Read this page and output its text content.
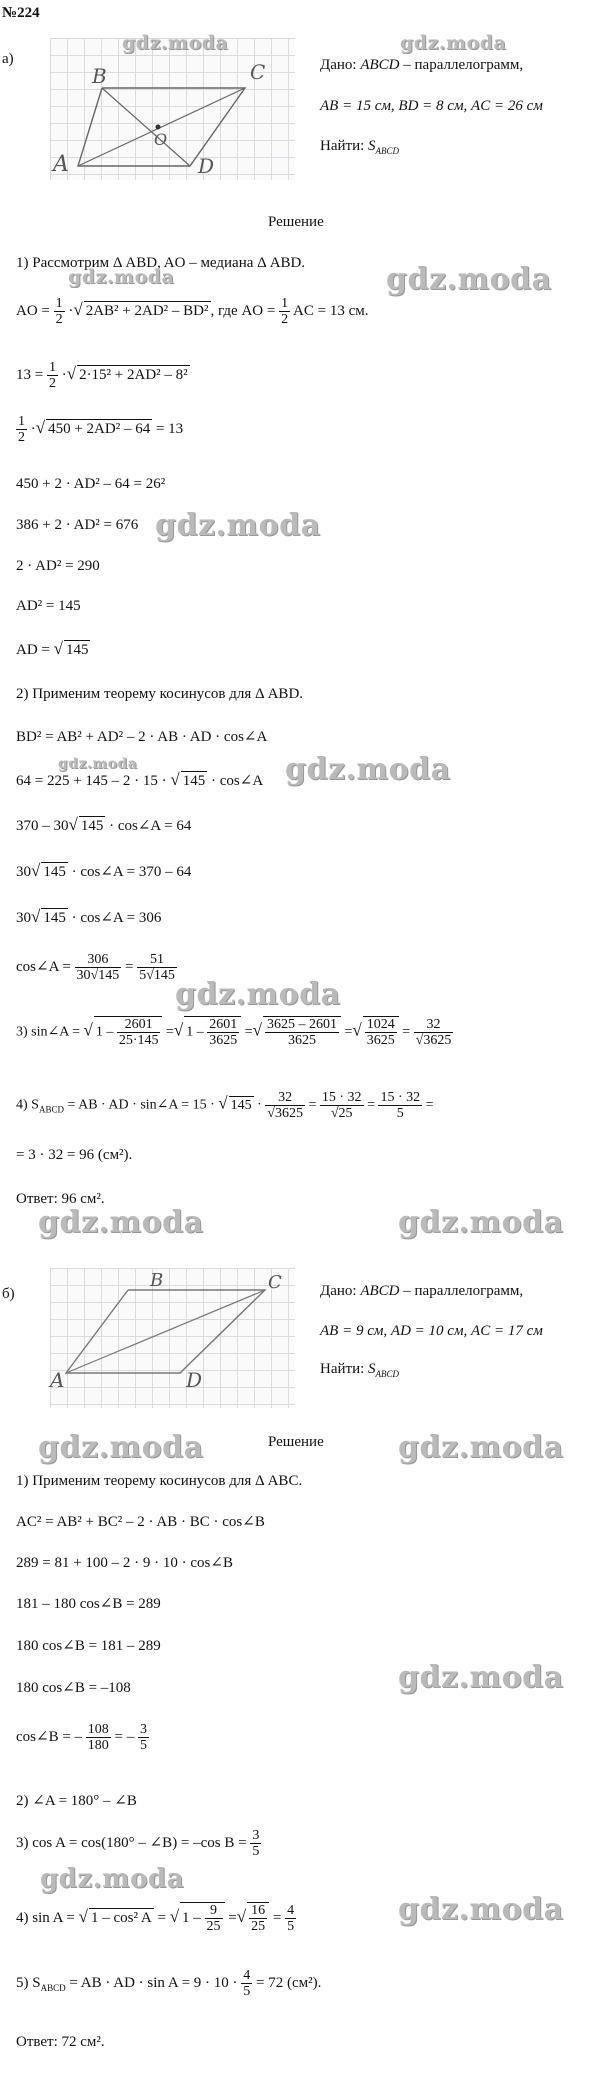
№224
а)
B	C
O
A	D
Дано: ABCD – параллелограмм,
AB = 15 см, BD = 8 см, AC = 26 см
Найти: $S_{ABCD}$
Решение
1) Рассмотрим Δ ABD, AO – медиана Δ ABD.
AO = $\frac{1}{2}$ ·√ 2AB² + 2AD² – BD² , где AO = $\frac{1}{2}$ AC = 13 см.
$13 = \frac{1}{2}$ ·√ 2·15² + 2AD² – 8²
$\frac{1}{2}$ ·√ 450 + 2AD² – 64 = 13
450 + 2 · AD² – 64 = 26²
386 + 2 · AD² = 676
2 · AD² = 290
AD² = 145
AD = √ 145
2) Применим теорему косинусов для Δ ABD.
BD² = AB² + AD² – 2 · AB · AD · cos∠A
64 = 225 + 145 – 2 · 15 · √ 145 · cos∠A
370 – 30√ 145 · cos∠A = 64
30√ 145 · cos∠A = 370 – 64
30√ 145 · cos∠A = 306
cos∠A = $\frac{306}{30√145} = \frac{51}{5√145}$
3) sin∠A = √ $1 - \frac{2601}{25\cdot 145}$ =√ $1 - \frac{2601}{3625}$ =√ $\frac{3625 - 2601}{3625}$ =√ $\frac{1024}{3625} = \frac{32}{√3625}$
4) $S_{ABCD}$ = AB · AD · sin∠A = 15 · √ $145 \cdot \frac{32}{√3625} = \frac{15 \cdot 32}{√25} = \frac{15 \cdot 32}{5}$ =
= 3 · 32 = 96 (см²).
Ответ: 96 см².
б)
B	C
A	D
Дано: ABCD – параллелограмм,
AB = 9 см, AD = 10 см, AC = 17 см
Найти: $S_{ABCD}$
Решение
1) Применим теорему косинусов для Δ ABC.
AC² = AB² + BC² – 2 · AB · BC · cos∠B
289 = 81 + 100 – 2 · 9 · 10 · cos∠B
181 – 180 cos∠B = 289
180 cos∠B = 181 – 289
180 cos∠B = –108
cos∠B = – $\frac{108}{180}$ = – $\frac{3}{5}$
2) ∠A = 180° – ∠B
3) cos A = cos(180° – ∠B) = –cos $B = \frac{3}{5}$
4) sin A = √ 1 – cos² A = √ $1 - \frac{9}{25}$ =√ $\frac{16}{25} = \frac{4}{5}$
5) $S_{ABCD}$ = AB · AD · $\sin A = 9 \cdot 10 \cdot \frac{4}{5} = 72$ (см²).
Ответ: 72 см².
gdz.moda	gdz.moda
gdz.moda	gdz.moda
gdz.moda
gdz.moda	gdz.moda
gdz.moda
gdz.moda	gdz.moda
gdz.moda	gdz.moda
gdz.moda
gdz.moda
gdz.moda
